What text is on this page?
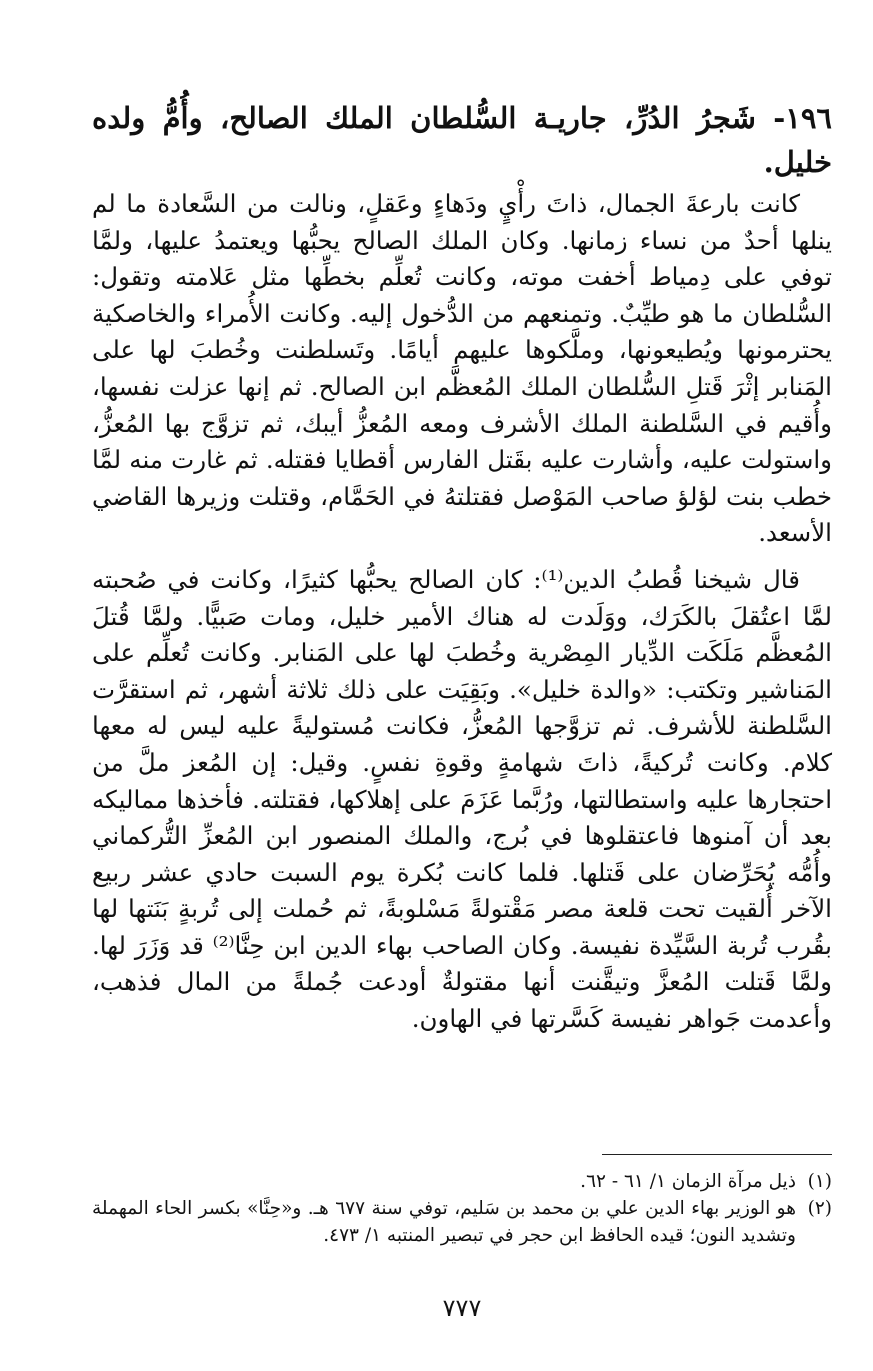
١٩٦- شَجرُ الدُرِّ، جاريـة السُّلطان الملك الصالح، وأُمُّ ولده خليل.

كانت بارعةَ الجمال، ذاتَ رأْيٍ ودَهاءٍ وعَقلٍ، ونالت من السَّعادة ما لم ينلها أحدٌ من نساء زمانها. وكان الملك الصالح يحبُّها ويعتمدُ عليها، ولمَّا توفي على دِمياط أخفت موته، وكانت تُعلِّم بخطِّها مثل عَلامته وتقول: السُّلطان ما هو طيِّبٌ. وتمنعهم من الدُّخول إليه. وكانت الأُمراء والخاصكية يحترمونها ويُطيعونها، وملَّكوها عليهم أيامًا. وتَسلطنت وخُطبَ لها على المَنابر إثْرَ قَتلِ السُّلطان الملك المُعظَّم ابن الصالح. ثم إنها عزلت نفسها، وأُقيم في السَّلطنة الملك الأشرف ومعه المُعزُّ أيبك، ثم تزوَّج بها المُعزُّ، واستولت عليه، وأشارت عليه بقَتل الفارس أقطايا فقتله. ثم غارت منه لمَّا خطب بنت لؤلؤ صاحب المَوْصل فقتلتهُ في الحَمَّام، وقتلت وزيرها القاضي الأسعد.

قال شيخنا قُطبُ الدين⁽¹⁾: كان الصالح يحبُّها كثيرًا، وكانت في صُحبته لمَّا اعتُقلَ بالكَرَك، ووَلَدت له هناك الأمير خليل، ومات صَبيًّا. ولمَّا قُتلَ المُعظَّم مَلَكَت الدِّيار المِصْرية وخُطبَ لها على المَنابر. وكانت تُعلِّم على المَناشير وتكتب: «والدة خليل». وبَقِيَت على ذلك ثلاثة أشهر، ثم استقرَّت السَّلطنة للأشرف. ثم تزوَّجها المُعزُّ، فكانت مُستوليةً عليه ليس له معها كلام. وكانت تُركيةً، ذاتَ شهامةٍ وقوةِ نفسٍ. وقيل: إن المُعز ملَّ من احتجارها عليه واستطالتها، ورُبَّما عَزَمَ على إهلاكها، فقتلته. فأخذها مماليكه بعد أن آمنوها فاعتقلوها في بُرج، والملك المنصور ابن المُعزِّ التُّركماني وأُمُّه يُحَرِّضان على قَتلها. فلما كانت بُكرة يوم السبت حادي عشر ربيع الآخر أُلقيت تحت قلعة مصر مَقْتولةً مَسْلوبةً، ثم حُملت إلى تُربةٍ بَنَتها لها بقُرب تُربة السَّيِّدة نفيسة. وكان الصاحب بهاء الدين ابن حِنَّا⁽²⁾ قد وَزَرَ لها. ولمَّا قَتلت المُعزَّ وتيقَّنت أنها مقتولةٌ أودعت جُملةً من المال فذهب، وأعدمت جَواهر نفيسة كَسَّرتها في الهاون.

(١)
ذيل مرآة الزمان ١/ ٦١ - ٦٢.
(٢)
هو الوزير بهاء الدين علي بن محمد بن سَليم، توفي سنة ٦٧٧ هـ. و«حِنَّا» بكسر الحاء المهملة وتشديد النون؛ قيده الحافظ ابن حجر في تبصير المنتبه ١/ ٤٧٣.
٧٧٧
